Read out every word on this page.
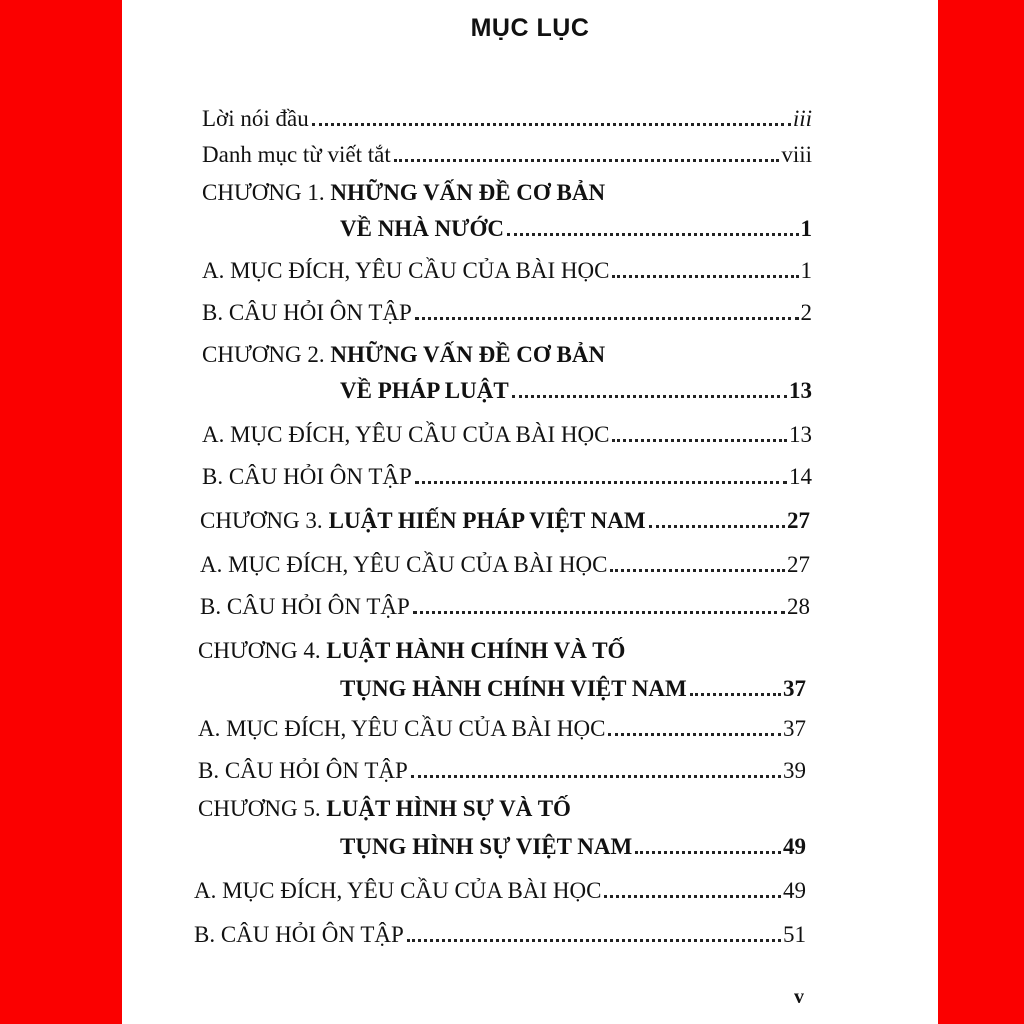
MỤC LỤC
Lời nói đầu	iii
Danh mục từ viết tắt	viii
CHƯƠNG 1. NHỮNG VẤN ĐỀ CƠ BẢN
VỀ NHÀ NƯỚC	1
A. MỤC ĐÍCH, YÊU CẦU CỦA BÀI HỌC	1
B. CÂU HỎI ÔN TẬP	2
CHƯƠNG 2. NHỮNG VẤN ĐỀ CƠ BẢN
VỀ PHÁP LUẬT	13
A. MỤC ĐÍCH, YÊU CẦU CỦA BÀI HỌC	13
B. CÂU HỎI ÔN TẬP	14
CHƯƠNG 3. LUẬT HIẾN PHÁP VIỆT NAM	27
A. MỤC ĐÍCH, YÊU CẦU CỦA BÀI HỌC	27
B. CÂU HỎI ÔN TẬP	28
CHƯƠNG 4. LUẬT HÀNH CHÍNH VÀ TỐ
TỤNG HÀNH CHÍNH VIỆT NAM	37
A. MỤC ĐÍCH, YÊU CẦU CỦA BÀI HỌC	37
B. CÂU HỎI ÔN TẬP	39
CHƯƠNG 5. LUẬT HÌNH SỰ VÀ TỐ
TỤNG HÌNH SỰ VIỆT NAM	49
A. MỤC ĐÍCH, YÊU CẦU CỦA BÀI HỌC	49
B. CÂU HỎI ÔN TẬP	51
v
